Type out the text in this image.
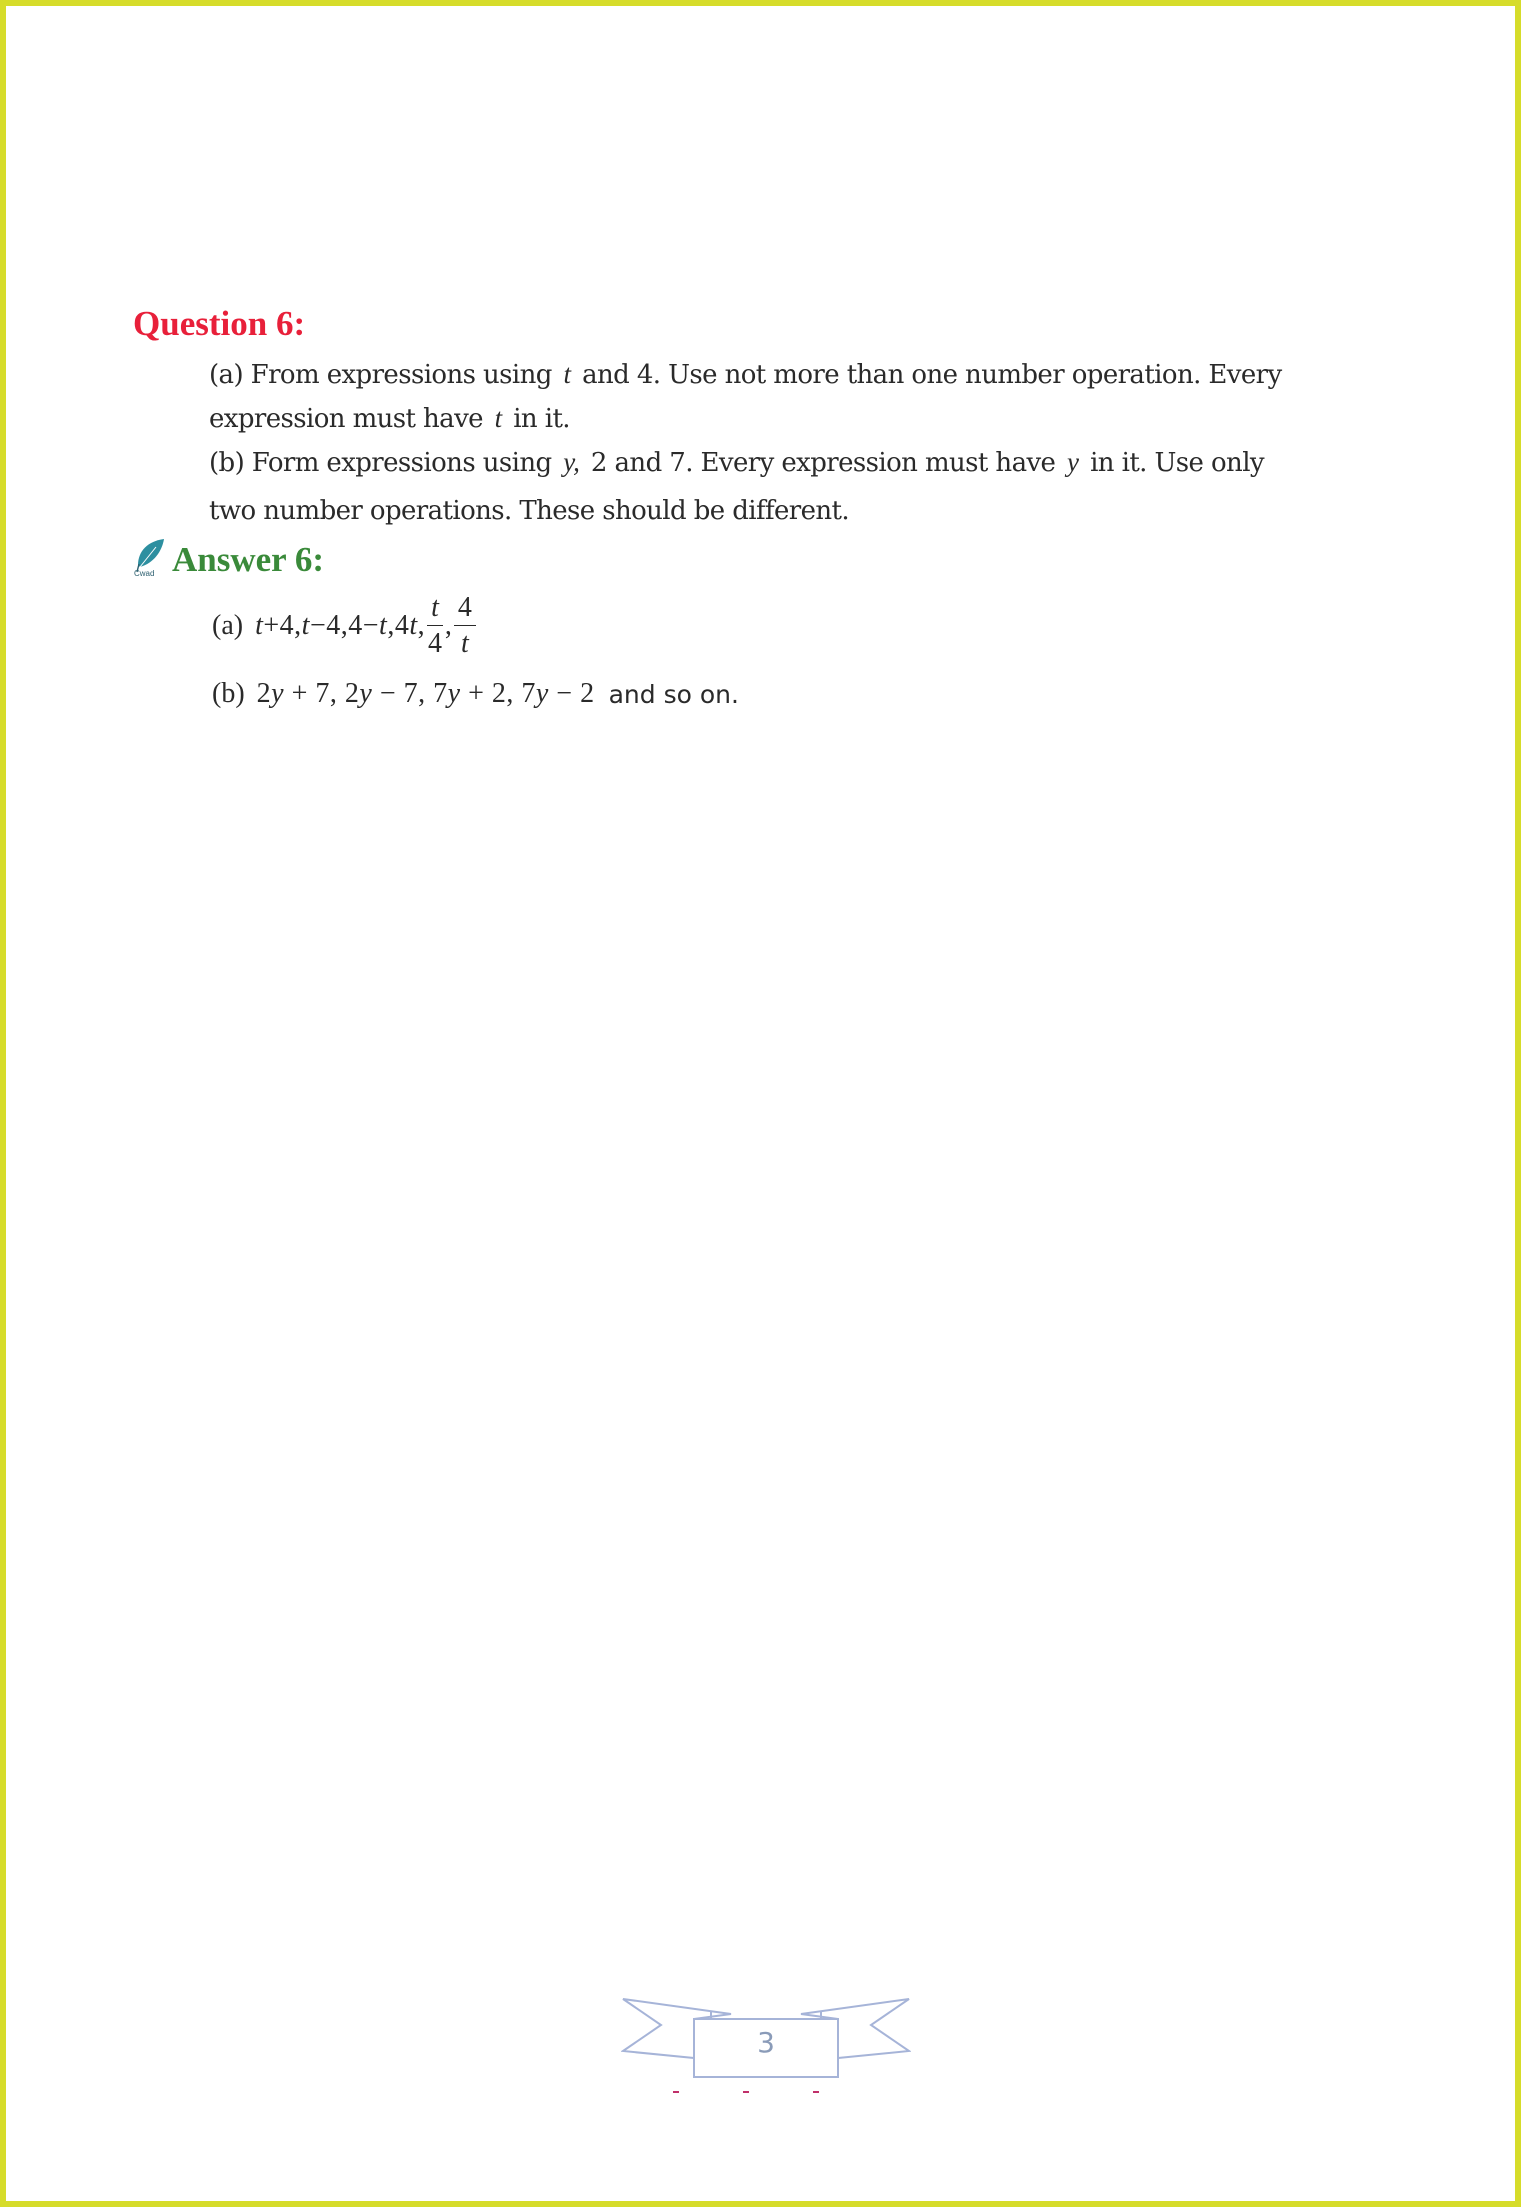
Question 6:
(a) From expressions using t and 4. Use not more than one number operation. Every
expression must have t in it.
(b) Form expressions using y, 2 and 7. Every expression must have y in it. Use only
two number operations. These should be different.
Cwad Answer 6:
(a) t+4,t−4,4−t,4t, $\frac{t}{4}$ , $\frac{4}{t}$
(b) 2y + 7, 2y − 7, 7y + 2, 7y − 2 and so on.
3
